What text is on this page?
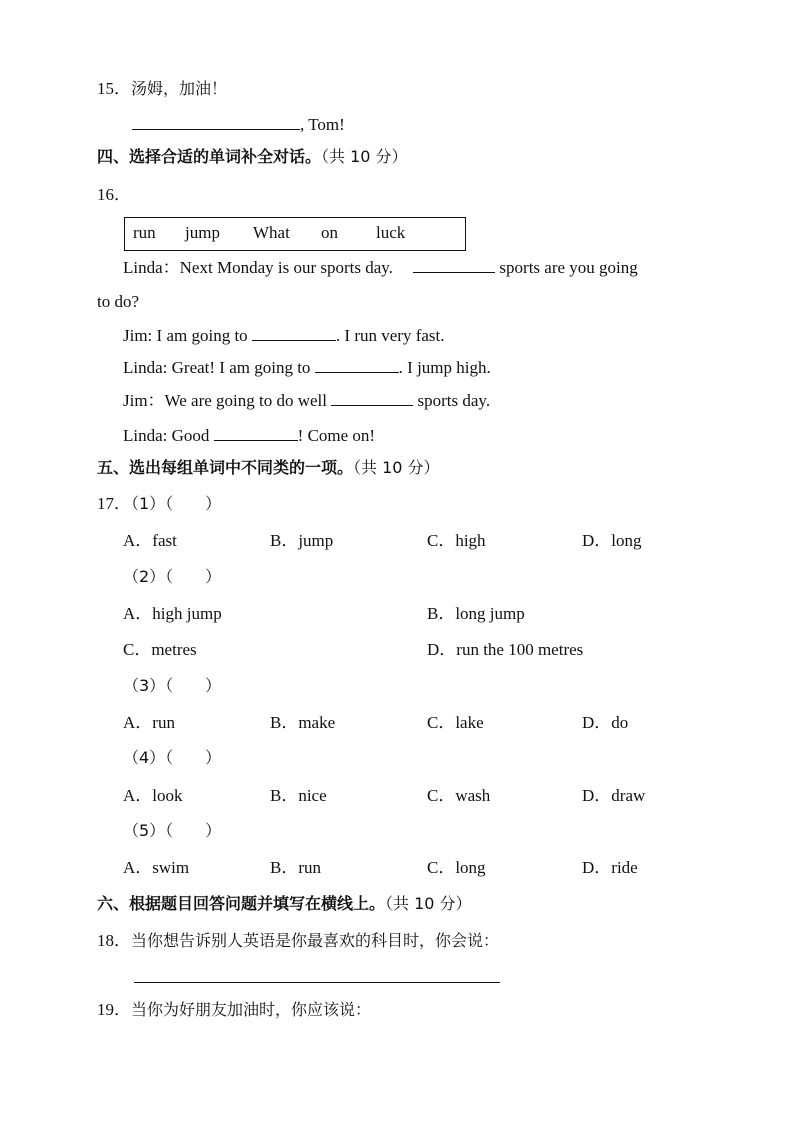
15．汤姆，加油！
, Tom!
四、选择合适的单词补全对话。（共 10 分）
16．
run jump What on luck
Linda：Next Monday is our sports day.	sports are you going
to do?
Jim: I am going to	. I run very fast.
Linda: Great! I am going to	. I jump high.
Jim：We are going to do well	sports day.
Linda: Good	! Come on!
五、选出每组单词中不同类的一项。（共 10 分）
17．（1）（　　）
A．fast	B．jump	C．high	D．long
（2）（　　）
A．high jump	B．long jump
C．metres	D．run the 100 metres
（3）（　　）
A．run	B．make	C．lake	D．do
（4）（　　）
A．look	B．nice	C．wash	D．draw
（5）（　　）
A．swim	B．run	C．long	D．ride
六、根据题目回答问题并填写在横线上。（共 10 分）
18．当你想告诉别人英语是你最喜欢的科目时，你会说：
19．当你为好朋友加油时，你应该说：
